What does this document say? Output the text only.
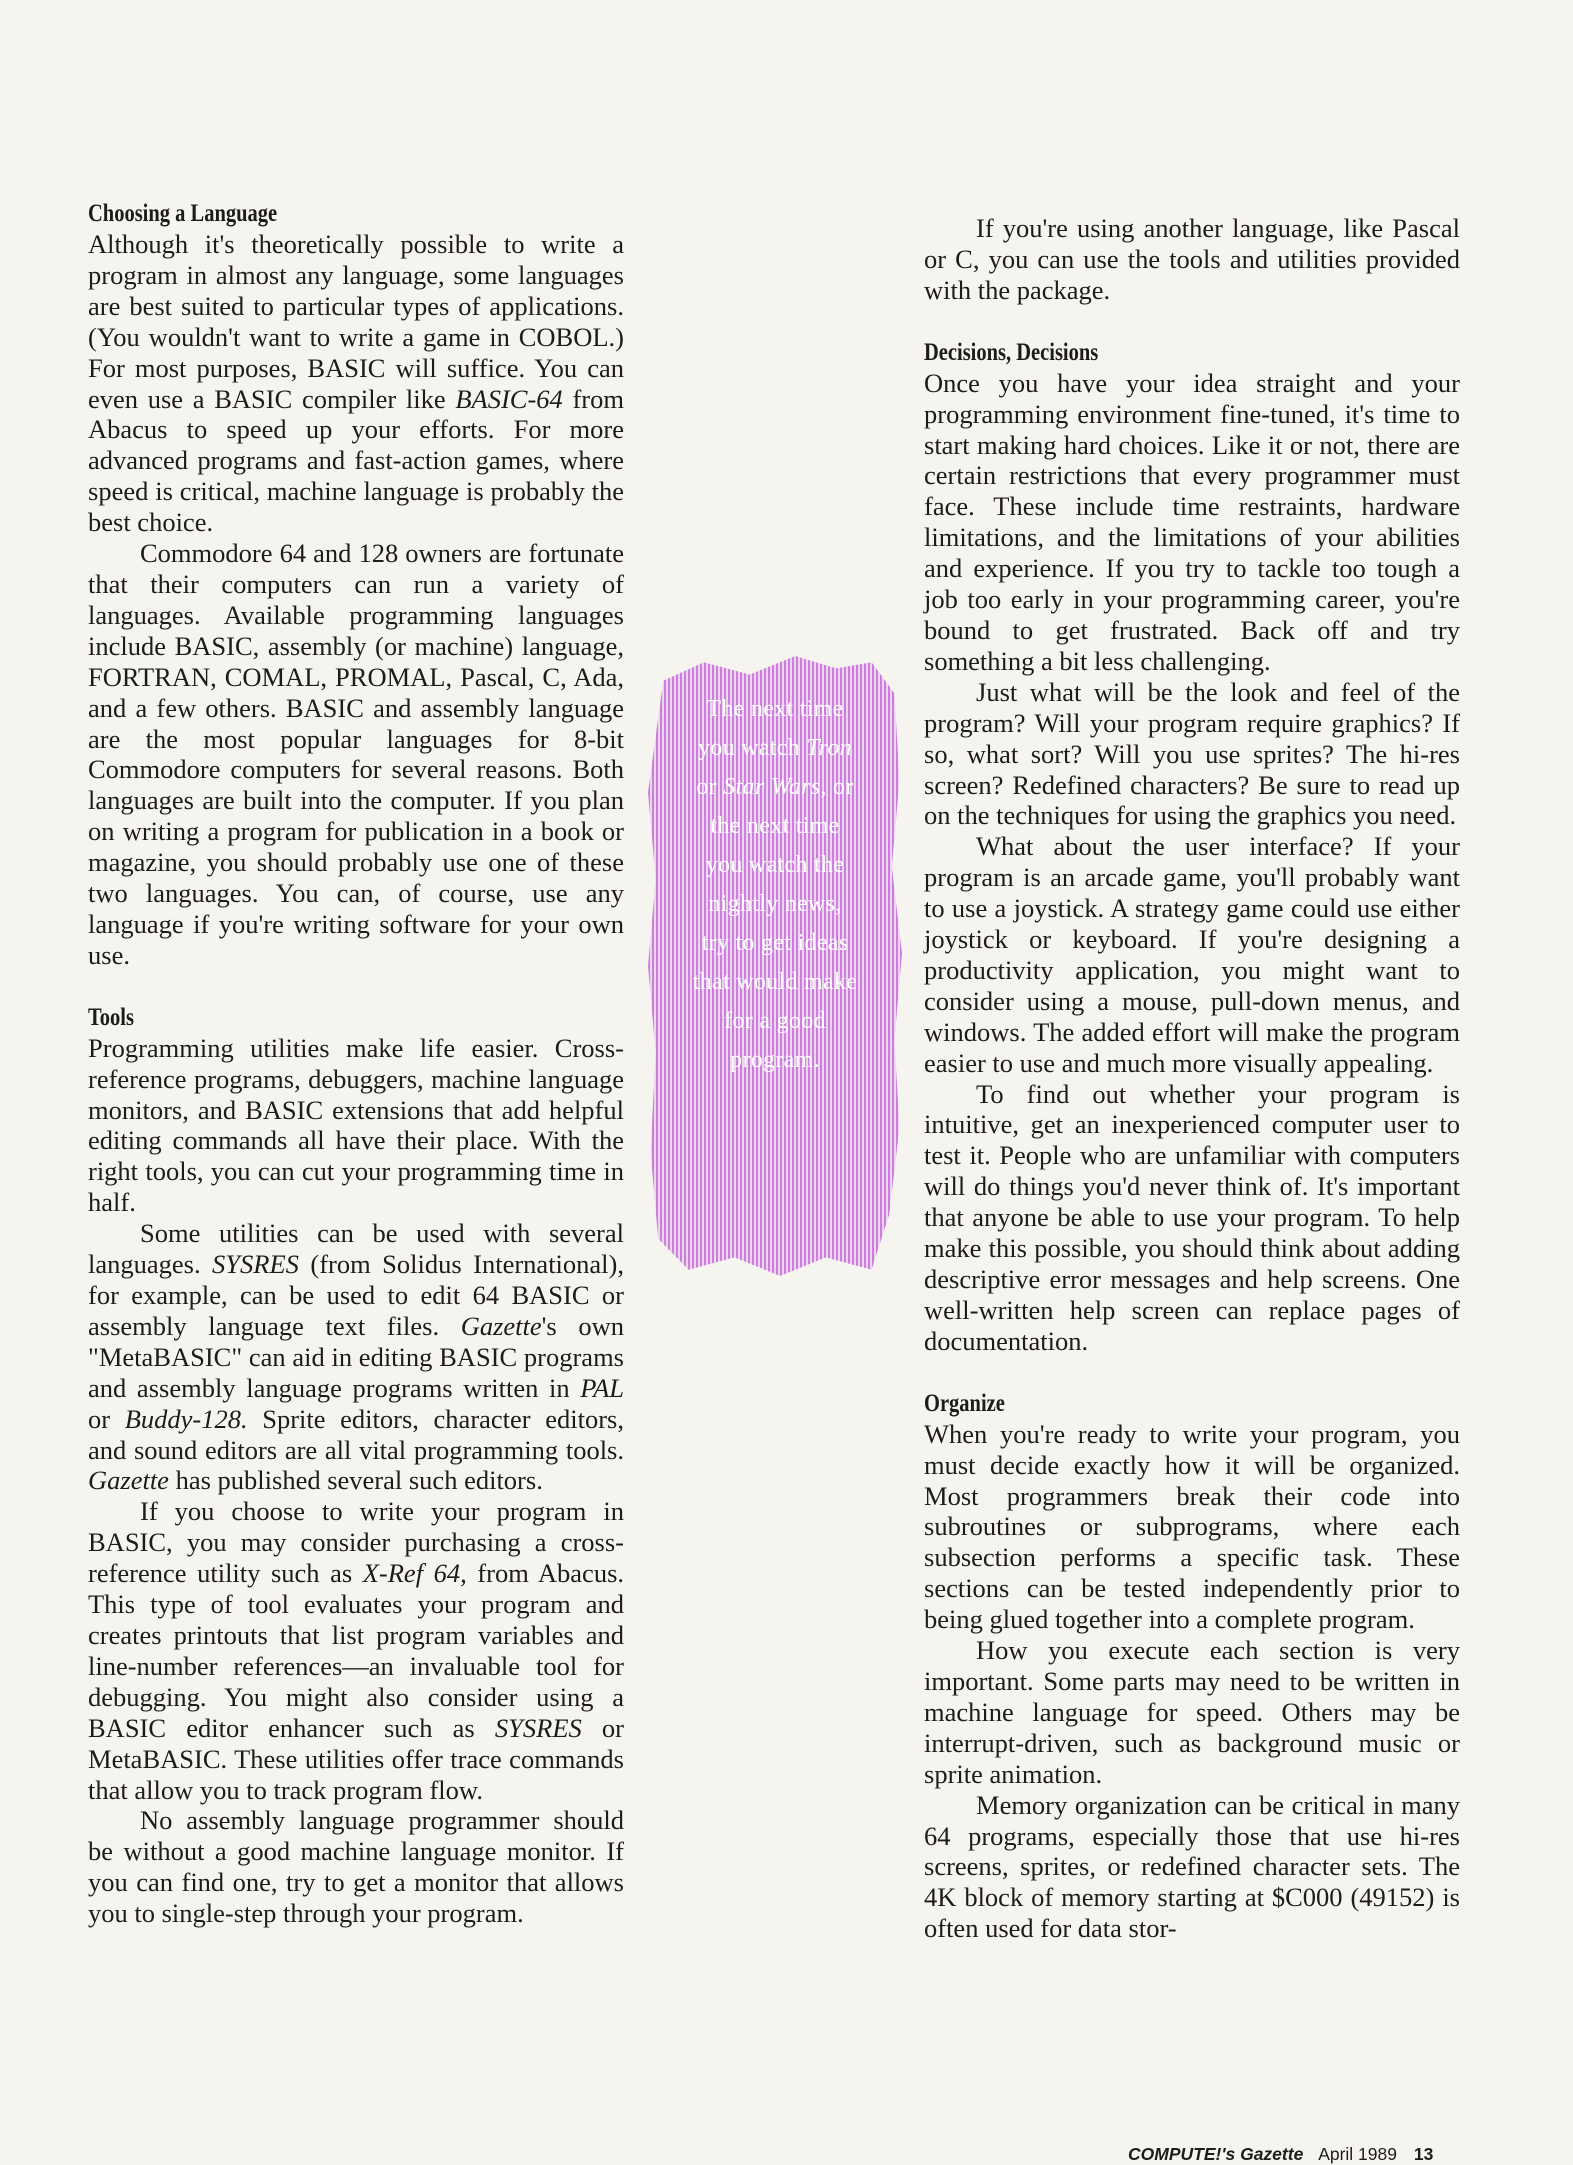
Choosing a Language

Although it's theoretically possible to write a program in almost any language, some languages are best suited to particular types of applications. (You wouldn't want to write a game in COBOL.) For most purposes, BASIC will suffice. You can even use a BASIC compiler like BASIC-64 from Abacus to speed up your efforts. For more advanced programs and fast-action games, where speed is critical, machine language is probably the best choice.

Commodore 64 and 128 owners are fortunate that their computers can run a variety of languages. Available programming languages include BASIC, assembly (or machine) language, FORTRAN, COMAL, PROMAL, Pascal, C, Ada, and a few others. BASIC and assembly language are the most popular languages for 8-bit Commodore computers for several reasons. Both languages are built into the computer. If you plan on writing a program for publication in a book or magazine, you should probably use one of these two languages. You can, of course, use any language if you're writing software for your own use.

Tools

Programming utilities make life easier. Cross-reference programs, debuggers, machine language monitors, and BASIC extensions that add helpful editing commands all have their place. With the right tools, you can cut your programming time in half.

Some utilities can be used with several languages. SYSRES (from Solidus International), for example, can be used to edit 64 BASIC or assembly language text files. Gazette's own "MetaBASIC" can aid in editing BASIC programs and assembly language programs written in PAL or Buddy-128. Sprite editors, character editors, and sound editors are all vital programming tools. Gazette has published several such editors.

If you choose to write your program in BASIC, you may consider purchasing a cross-reference utility such as X-Ref 64, from Abacus. This type of tool evaluates your program and creates printouts that list program variables and line-number references—an invaluable tool for debugging. You might also consider using a BASIC editor enhancer such as SYSRES or MetaBASIC. These utilities offer trace commands that allow you to track program flow.

No assembly language programmer should be without a good machine language monitor. If you can find one, try to get a monitor that allows you to single-step through your program.

The next time
you watch Tron
or Star Wars, or
the next time
you watch the
nightly news,
try to get ideas
that would make
for a good
program.

If you're using another language, like Pascal or C, you can use the tools and utilities provided with the package.

Decisions, Decisions

Once you have your idea straight and your programming environment fine-tuned, it's time to start making hard choices. Like it or not, there are certain restrictions that every programmer must face. These include time restraints, hardware limitations, and the limitations of your abilities and experience. If you try to tackle too tough a job too early in your programming career, you're bound to get frustrated. Back off and try something a bit less challenging.

Just what will be the look and feel of the program? Will your program require graphics? If so, what sort? Will you use sprites? The hi-res screen? Redefined characters? Be sure to read up on the techniques for using the graphics you need.

What about the user interface? If your program is an arcade game, you'll probably want to use a joystick. A strategy game could use either joystick or keyboard. If you're designing a productivity application, you might want to consider using a mouse, pull-down menus, and windows. The added effort will make the program easier to use and much more visually appealing.

To find out whether your program is intuitive, get an inexperienced computer user to test it. People who are unfamiliar with computers will do things you'd never think of. It's important that anyone be able to use your program. To help make this possible, you should think about adding descriptive error messages and help screens. One well-written help screen can replace pages of documentation.

Organize

When you're ready to write your program, you must decide exactly how it will be organized. Most programmers break their code into subroutines or subprograms, where each subsection performs a specific task. These sections can be tested independently prior to being glued together into a complete program.

How you execute each section is very important. Some parts may need to be written in machine language for speed. Others may be interrupt-driven, such as background music or sprite animation.

Memory organization can be critical in many 64 programs, especially those that use hi-res screens, sprites, or redefined character sets. The 4K block of memory starting at $C000 (49152) is often used for data stor-

COMPUTE!'s Gazette April 1989 13
